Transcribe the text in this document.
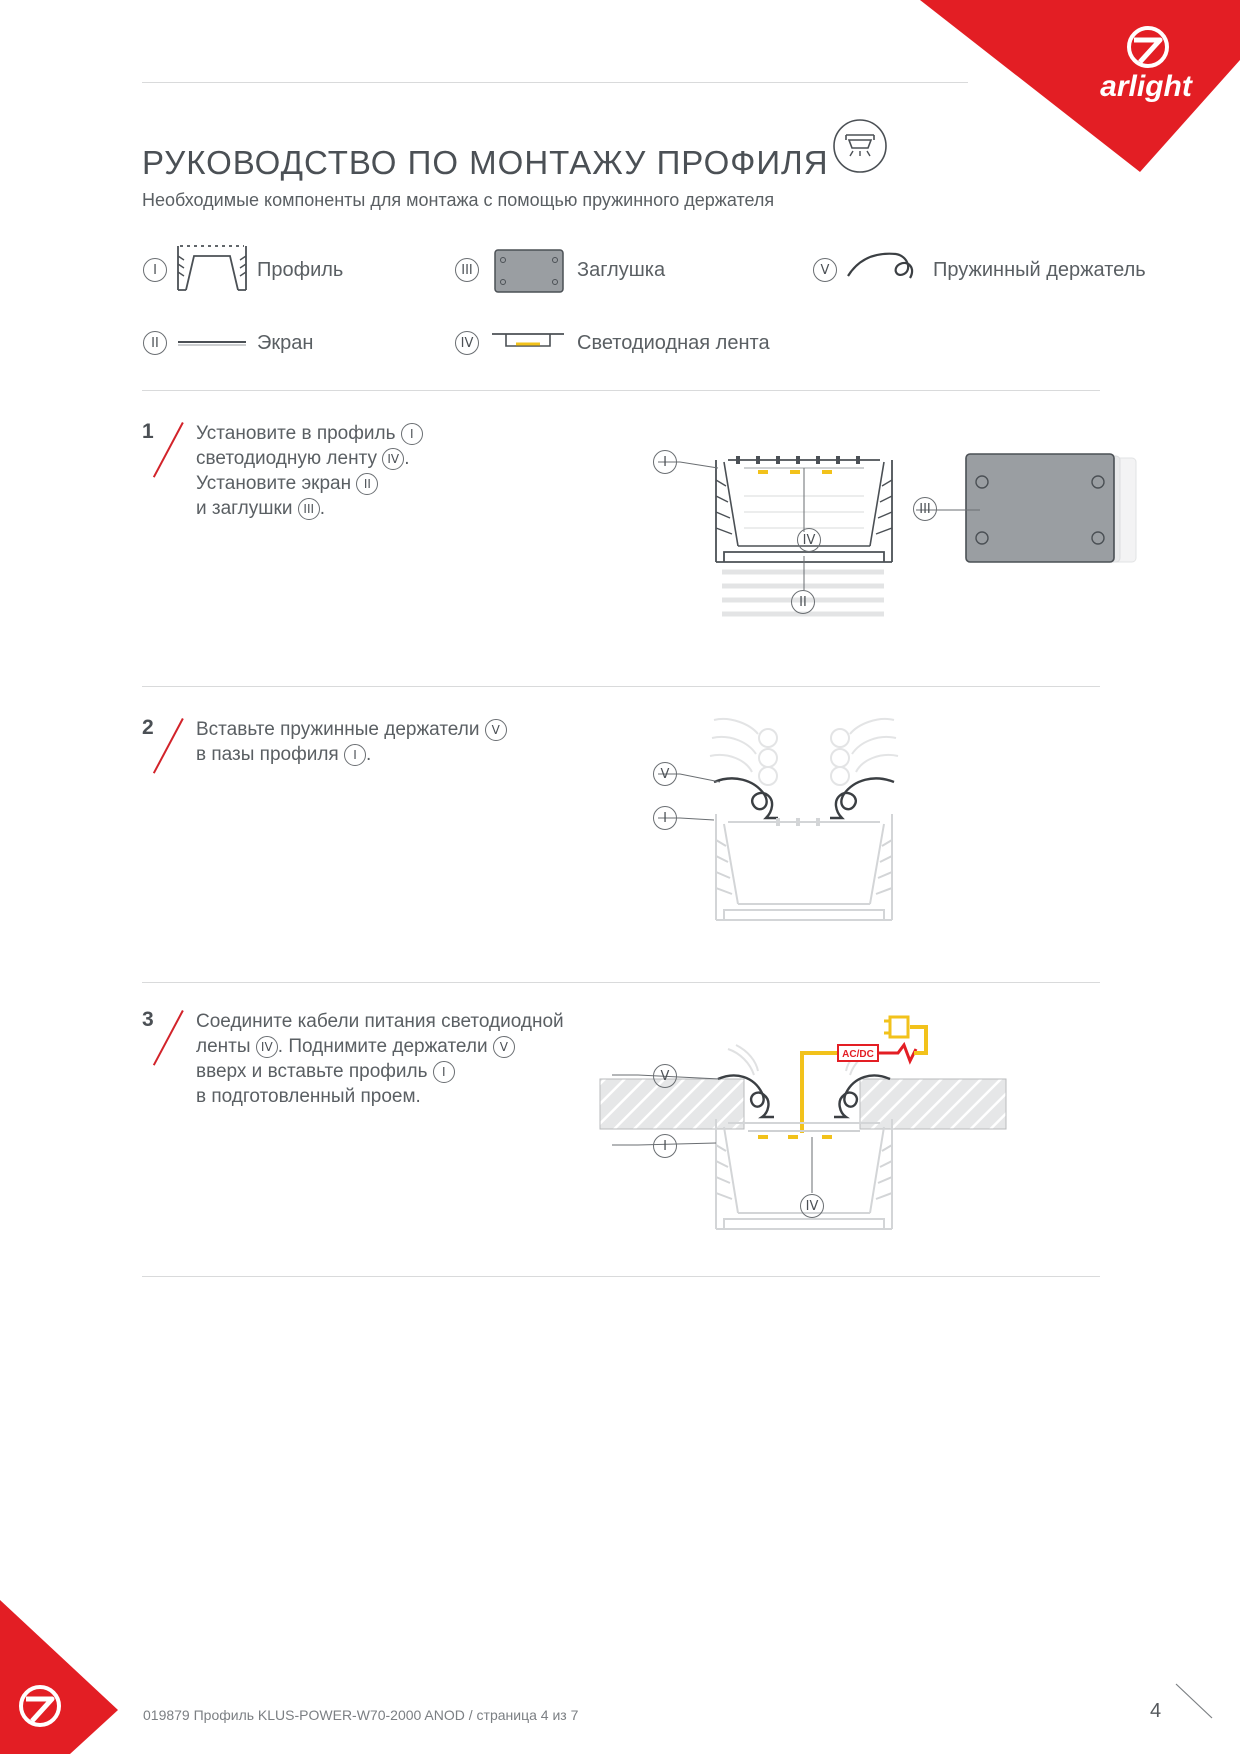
arlight
РУКОВОДСТВО ПО МОНТАЖУ ПРОФИЛЯ
Необходимые компоненты для монтажа с помощью пружинного держателя
I	Профиль	III	Заглушка	V	Пружинный держатель
II	Экран	IV	Светодиодная лента
1 Установите в профиль I
светодиодную ленту IV .
Установите экран II
и заглушки III .
I
IV
II
III
2 Вставьте пружинные держатели V
в пазы профиля I .
V
I
3 Соедините кабели питания светодиодной
ленты IV . Поднимите держатели V
вверх и вставьте профиль I
в подготовленный проем.
AC/DC
V
I
IV
019879 Профиль KLUS-POWER-W70-2000 ANOD / страница 4 из 7	4
